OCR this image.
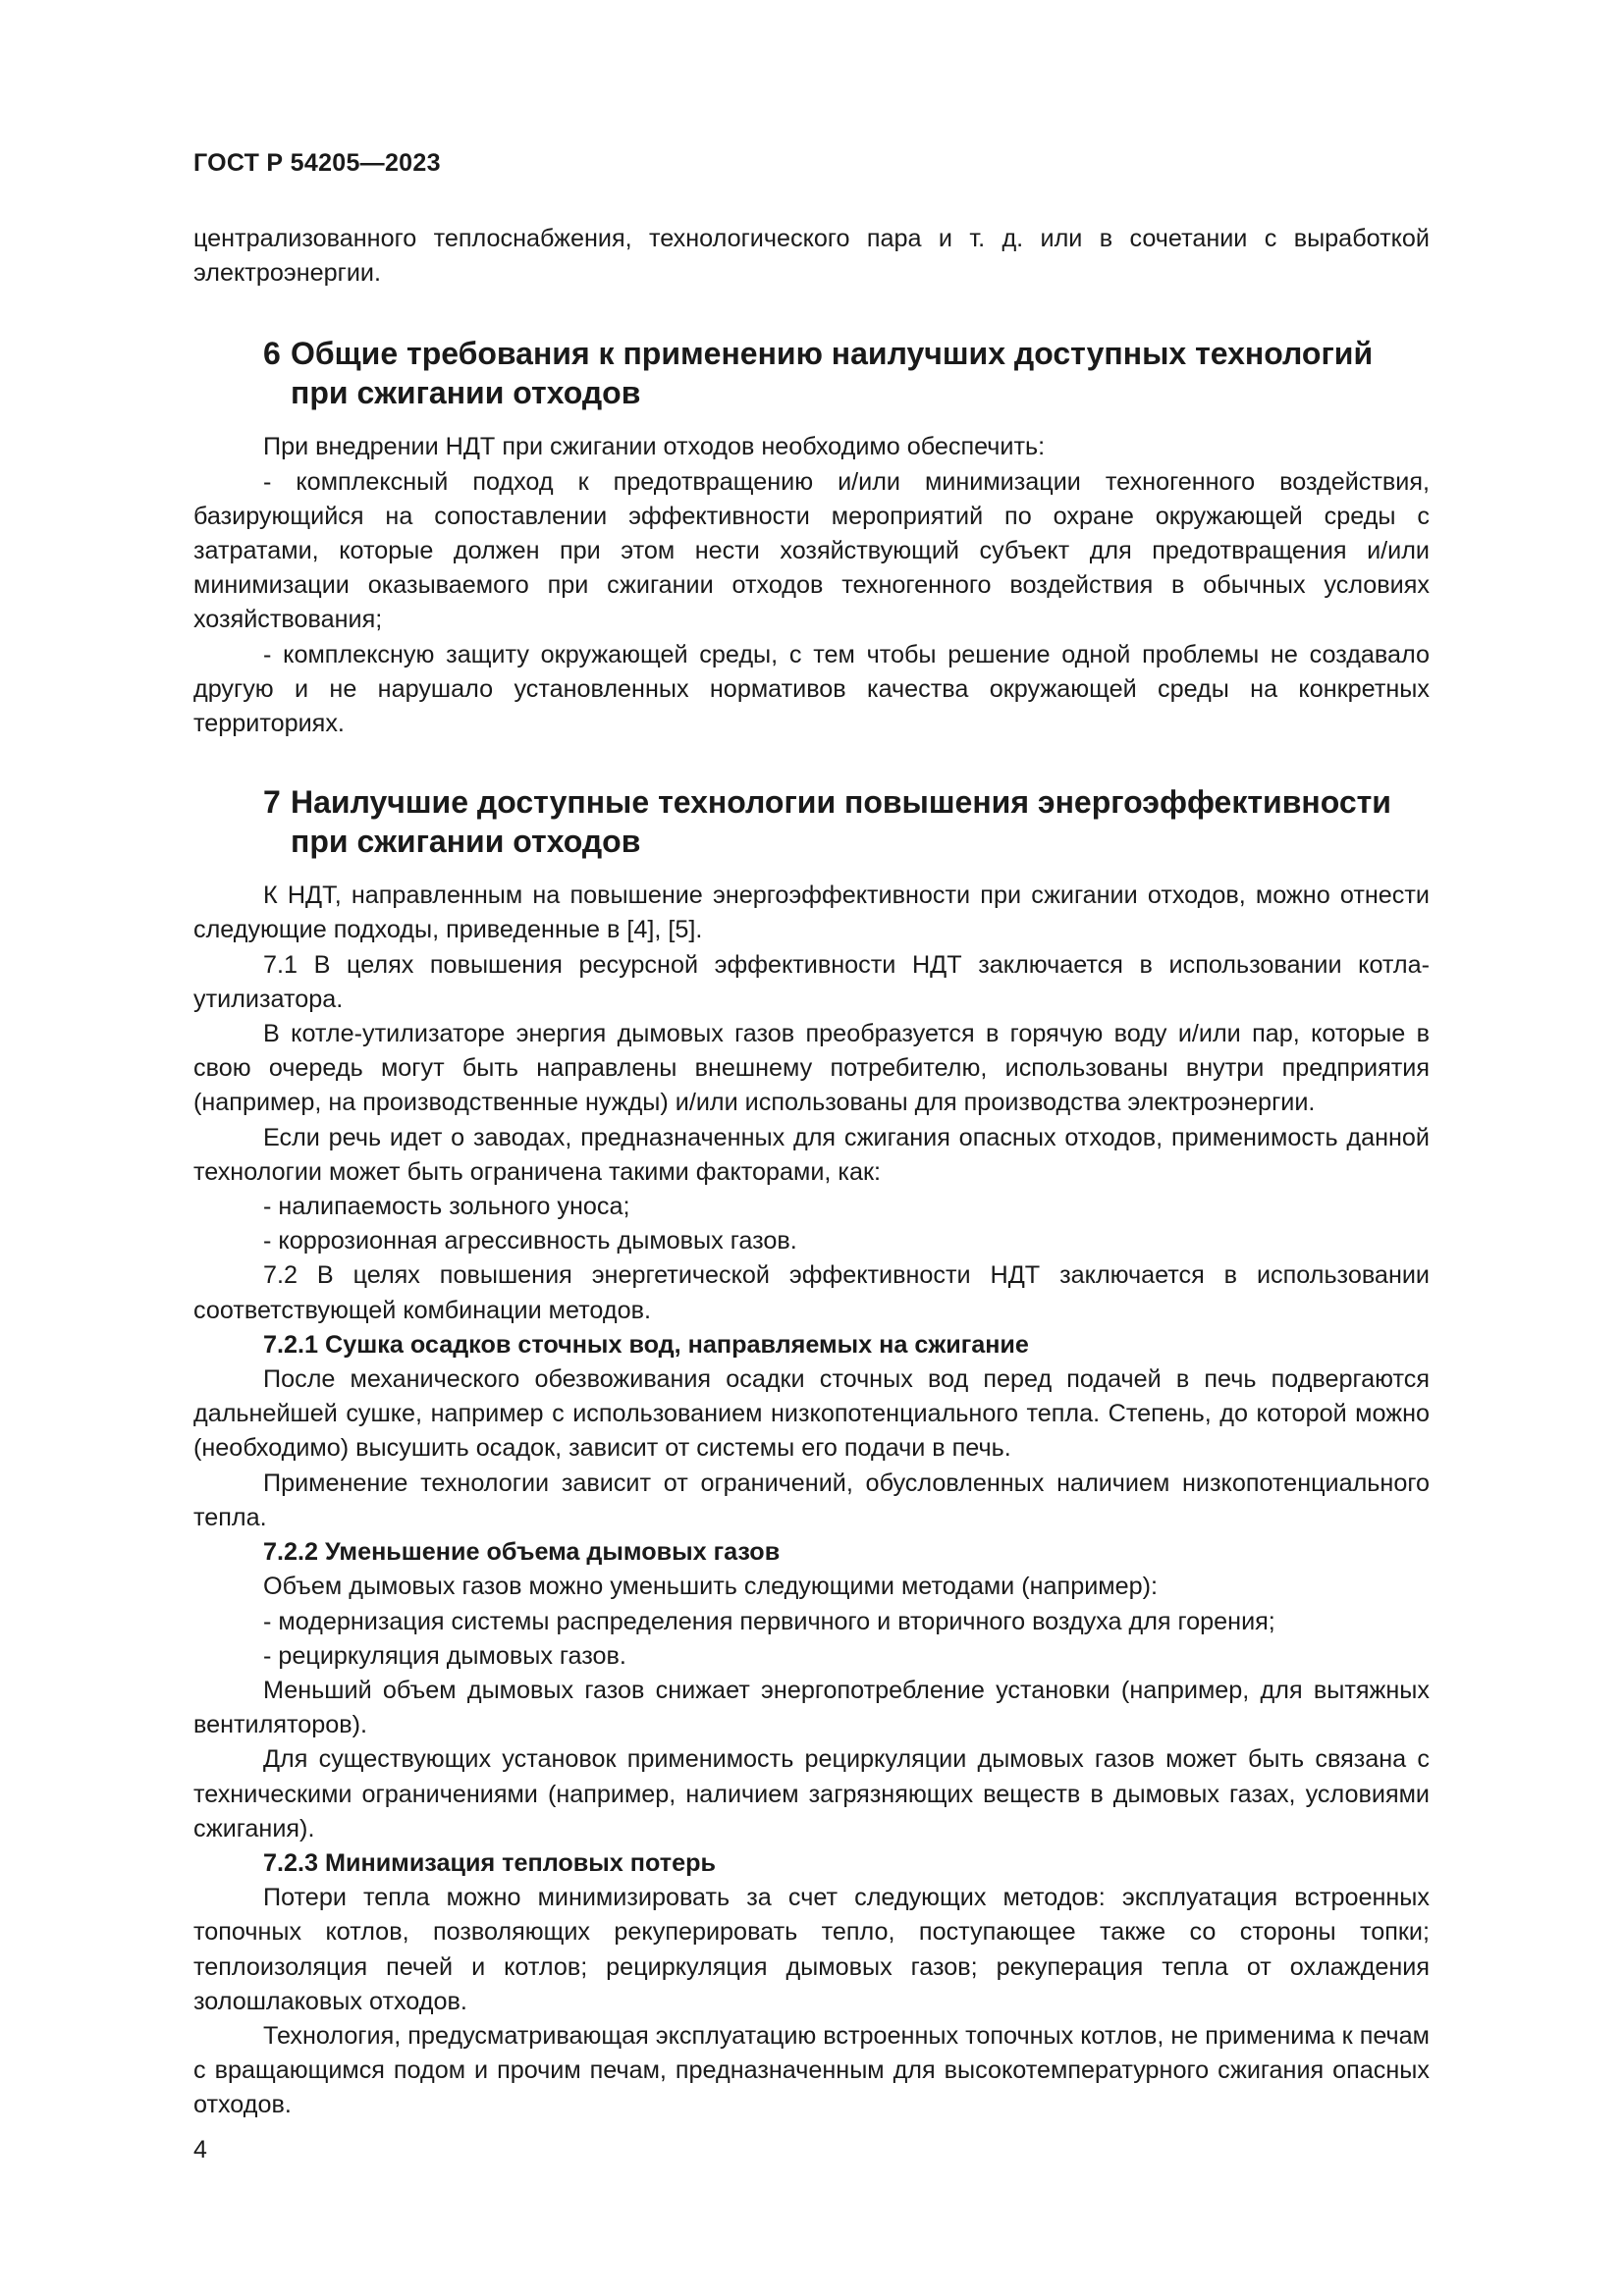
ГОСТ Р 54205—2023

централизованного теплоснабжения, технологического пара и т. д. или в сочетании с выработкой электроэнергии.

6 Общие требования к применению наилучших доступных технологий
при сжигании отходов

При внедрении НДТ при сжигании отходов необходимо обеспечить:

- комплексный подход к предотвращению и/или минимизации техногенного воздействия, базирующийся на сопоставлении эффективности мероприятий по охране окружающей среды с затратами, которые должен при этом нести хозяйствующий субъект для предотвращения и/или минимизации оказываемого при сжигании отходов техногенного воздействия в обычных условиях хозяйствования;

- комплексную защиту окружающей среды, с тем чтобы решение одной проблемы не создавало другую и не нарушало установленных нормативов качества окружающей среды на конкретных территориях.

7 Наилучшие доступные технологии повышения энергоэффективности
при сжигании отходов

К НДТ, направленным на повышение энергоэффективности при сжигании отходов, можно отнести следующие подходы, приведенные в [4], [5].

7.1 В целях повышения ресурсной эффективности НДТ заключается в использовании котла-утилизатора.

В котле-утилизаторе энергия дымовых газов преобразуется в горячую воду и/или пар, которые в свою очередь могут быть направлены внешнему потребителю, использованы внутри предприятия (например, на производственные нужды) и/или использованы для производства электроэнергии.

Если речь идет о заводах, предназначенных для сжигания опасных отходов, применимость данной технологии может быть ограничена такими факторами, как:

- налипаемость зольного уноса;

- коррозионная агрессивность дымовых газов.

7.2 В целях повышения энергетической эффективности НДТ заключается в использовании соответствующей комбинации методов.

7.2.1 Сушка осадков сточных вод, направляемых на сжигание

После механического обезвоживания осадки сточных вод перед подачей в печь подвергаются дальнейшей сушке, например с использованием низкопотенциального тепла. Степень, до которой можно (необходимо) высушить осадок, зависит от системы его подачи в печь.

Применение технологии зависит от ограничений, обусловленных наличием низкопотенциального тепла.

7.2.2 Уменьшение объема дымовых газов

Объем дымовых газов можно уменьшить следующими методами (например):

- модернизация системы распределения первичного и вторичного воздуха для горения;

- рециркуляция дымовых газов.

Меньший объем дымовых газов снижает энергопотребление установки (например, для вытяжных вентиляторов).

Для существующих установок применимость рециркуляции дымовых газов может быть связана с техническими ограничениями (например, наличием загрязняющих веществ в дымовых газах, условиями сжигания).

7.2.3 Минимизация тепловых потерь

Потери тепла можно минимизировать за счет следующих методов: эксплуатация встроенных топочных котлов, позволяющих рекуперировать тепло, поступающее также со стороны топки; теплоизоляция печей и котлов; рециркуляция дымовых газов; рекуперация тепла от охлаждения золошлаковых отходов.

Технология, предусматривающая эксплуатацию встроенных топочных котлов, не применима к печам с вращающимся подом и прочим печам, предназначенным для высокотемпературного сжигания опасных отходов.

4
